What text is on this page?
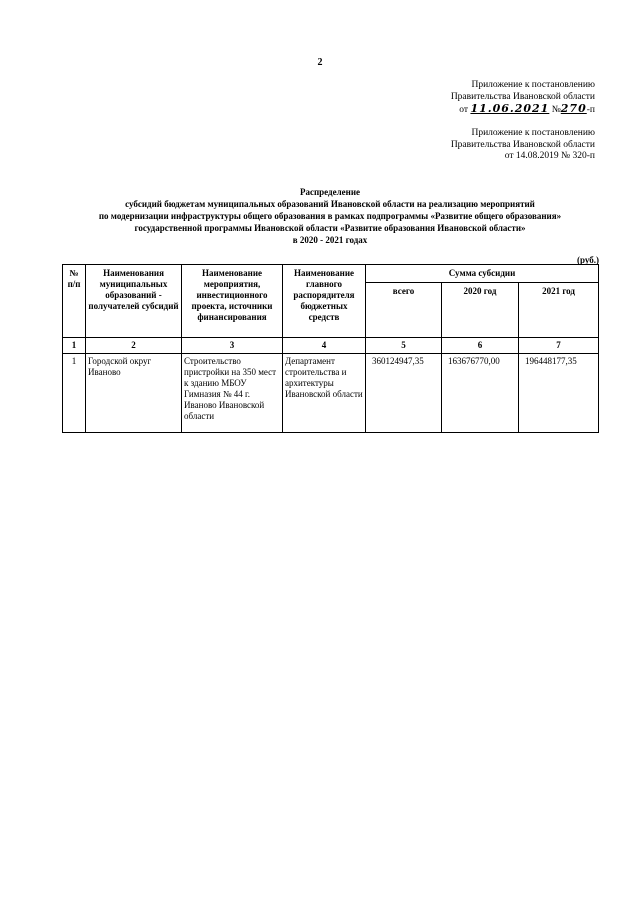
2
Приложение к постановлению
Правительства Ивановской области
от 11.06.2021 №270-п
Приложение к постановлению
Правительства Ивановской области
от 14.08.2019 № 320-п
Распределение
субсидий бюджетам муниципальных образований Ивановской области на реализацию мероприятий
по модернизации инфраструктуры общего образования в рамках подпрограммы «Развитие общего образования»
государственной программы Ивановской области «Развитие образования Ивановской области»
в 2020 - 2021 годах
(руб.)
№ п/п	Наименования муниципальных образований - получателей субсидий	Наименование мероприятия, инвестиционного проекта, источники финансирования	Наименование главного распорядителя бюджетных средств	Сумма субсидии		
				всего	2020 год	2021 год
1	2	3	4	5	6	7
1	Городской округ Иваново	Строительство пристройки на 350 мест к зданию МБОУ Гимназия № 44 г. Иваново Ивановской области	Департамент строительства и архитектуры Ивановской области	360124947,35	163676770,00	196448177,35
